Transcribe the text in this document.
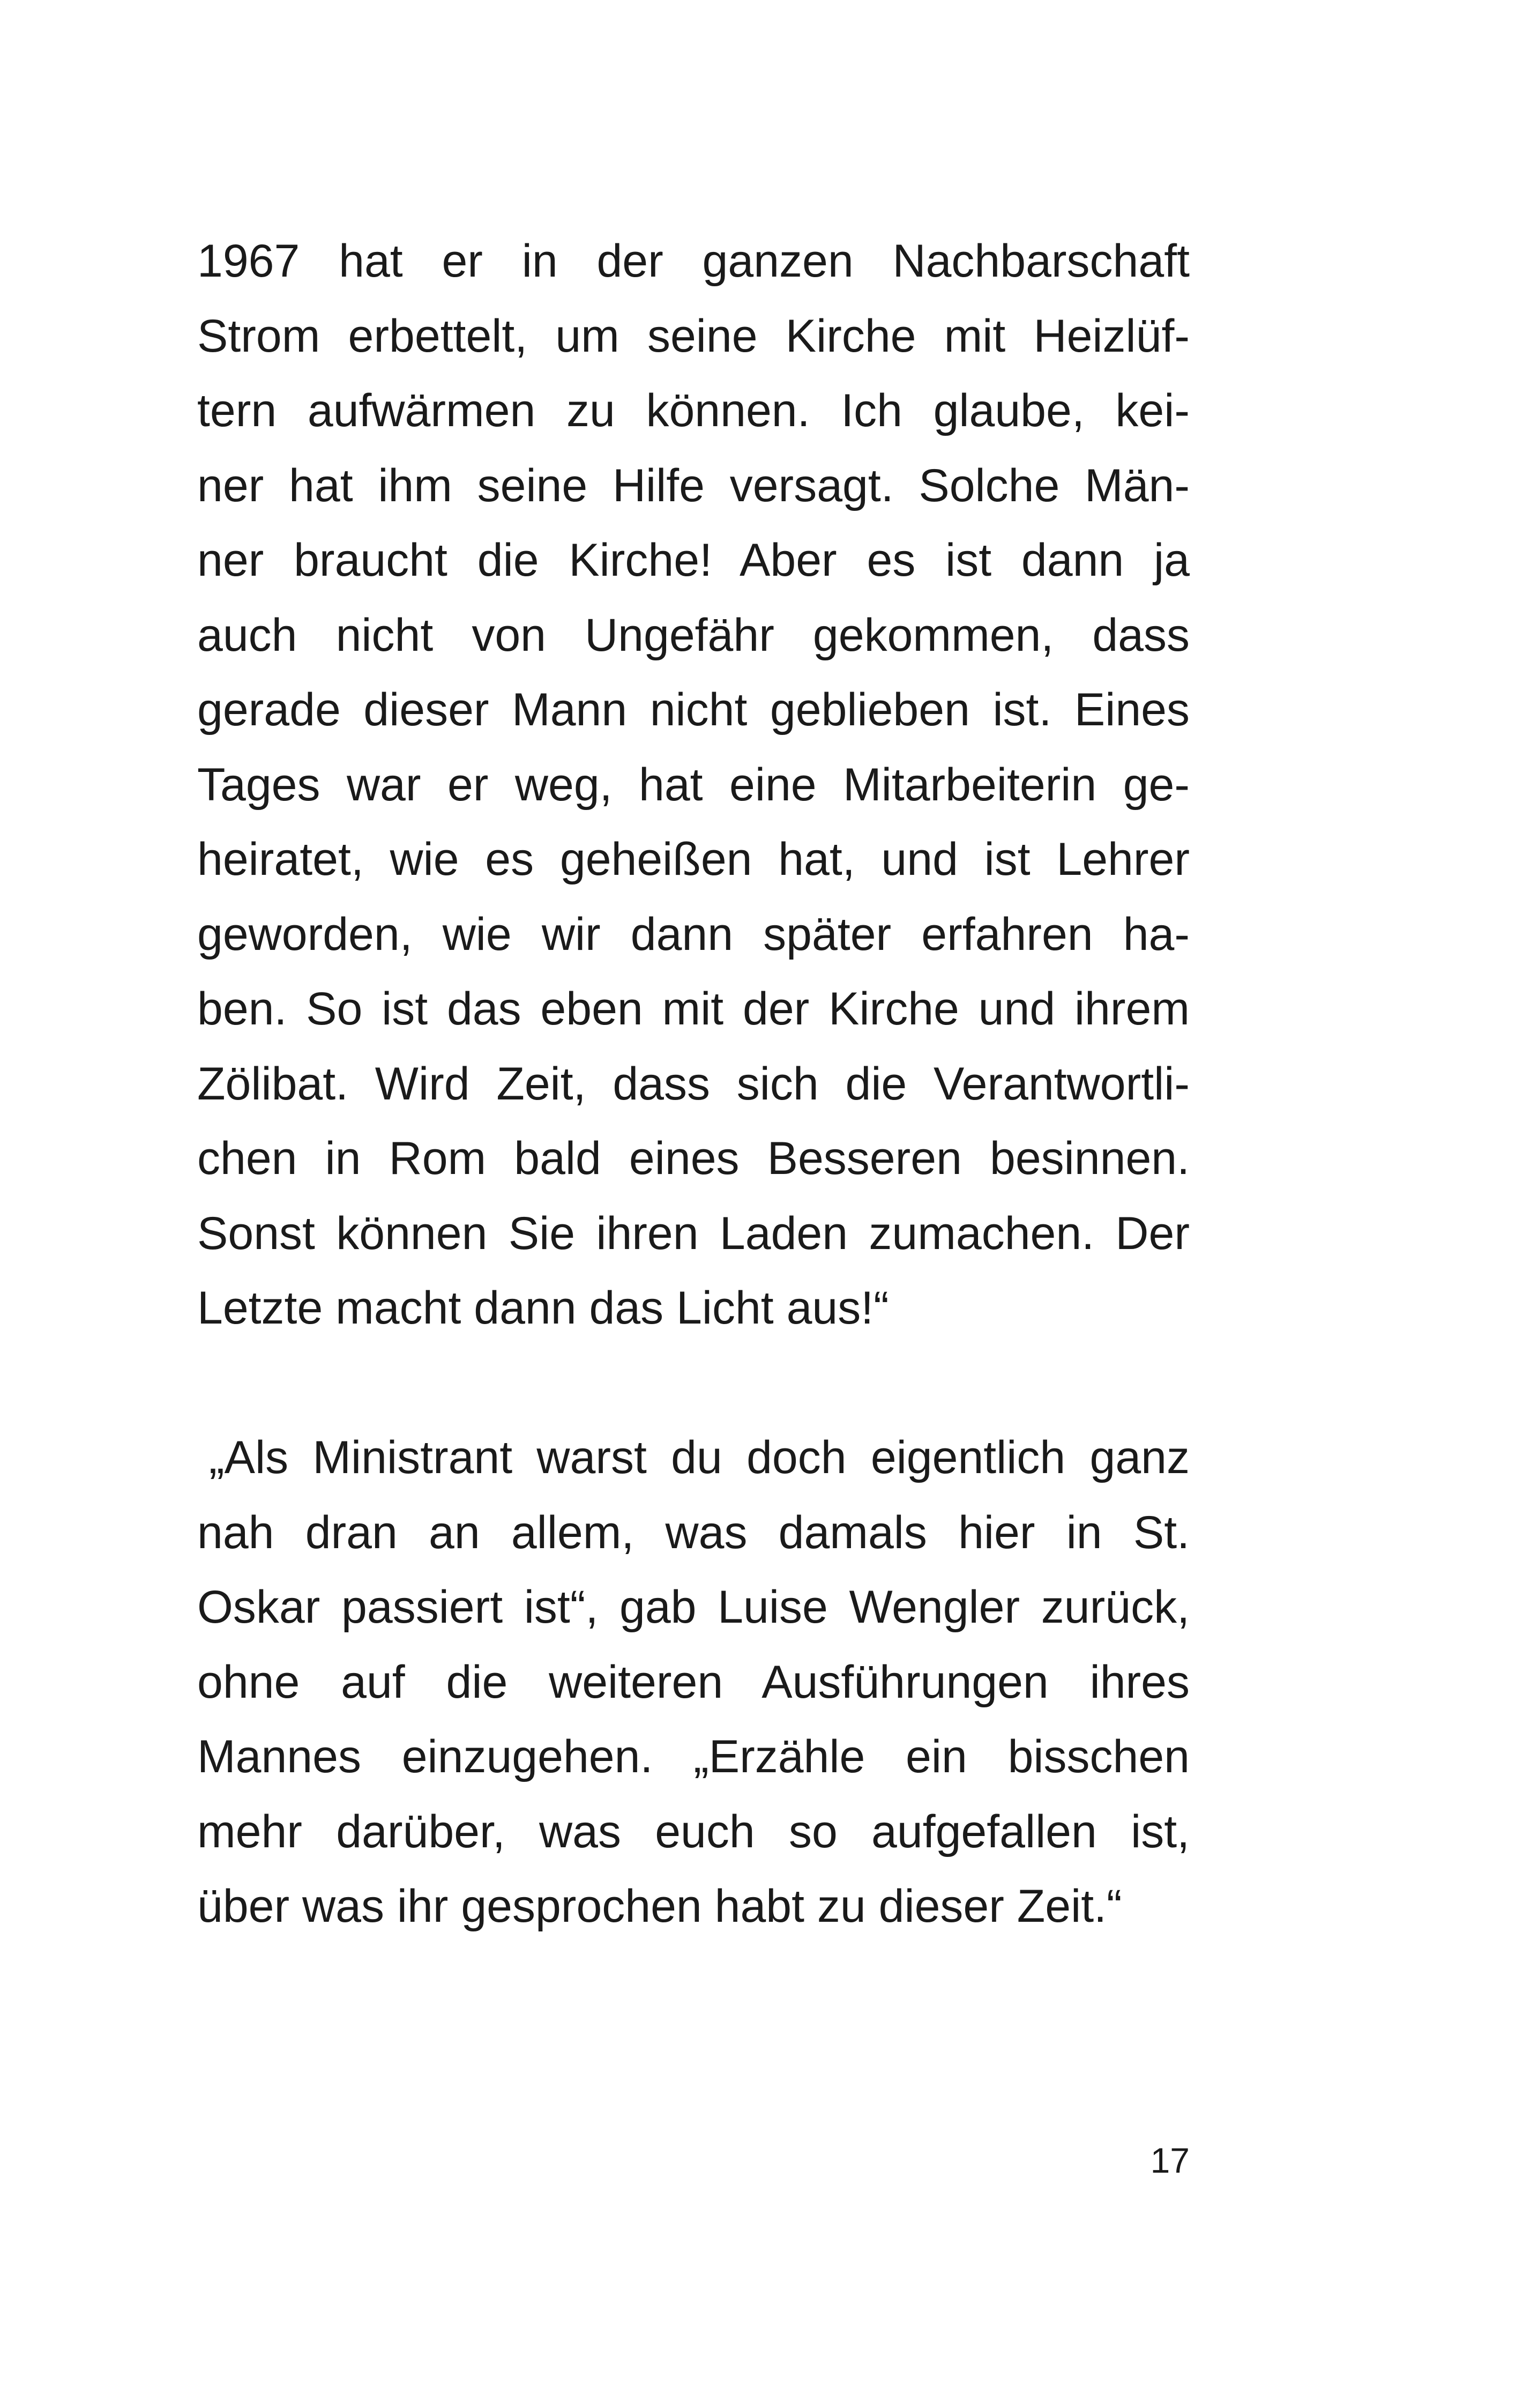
1967 hat er in der ganzen Nachbarschaft
Strom erbettelt, um seine Kirche mit Heizlüf-
tern aufwärmen zu können. Ich glaube, kei-
ner hat ihm seine Hilfe versagt. Solche Män-
ner braucht die Kirche! Aber es ist dann ja
auch nicht von Ungefähr gekommen, dass
gerade dieser Mann nicht geblieben ist. Eines
Tages war er weg, hat eine Mitarbeiterin ge-
heiratet, wie es geheißen hat, und ist Lehrer
geworden, wie wir dann später erfahren ha-
ben. So ist das eben mit der Kirche und ihrem
Zölibat. Wird Zeit, dass sich die Verantwortli-
chen in Rom bald eines Besseren besinnen.
Sonst können Sie ihren Laden zumachen. Der
Letzte macht dann das Licht aus!“
„Als Ministrant warst du doch eigentlich ganz
nah dran an allem, was damals hier in St.
Oskar passiert ist“, gab Luise Wengler zurück,
ohne auf die weiteren Ausführungen ihres
Mannes einzugehen. „Erzähle ein bisschen
mehr darüber, was euch so aufgefallen ist,
über was ihr gesprochen habt zu dieser Zeit.“
17
